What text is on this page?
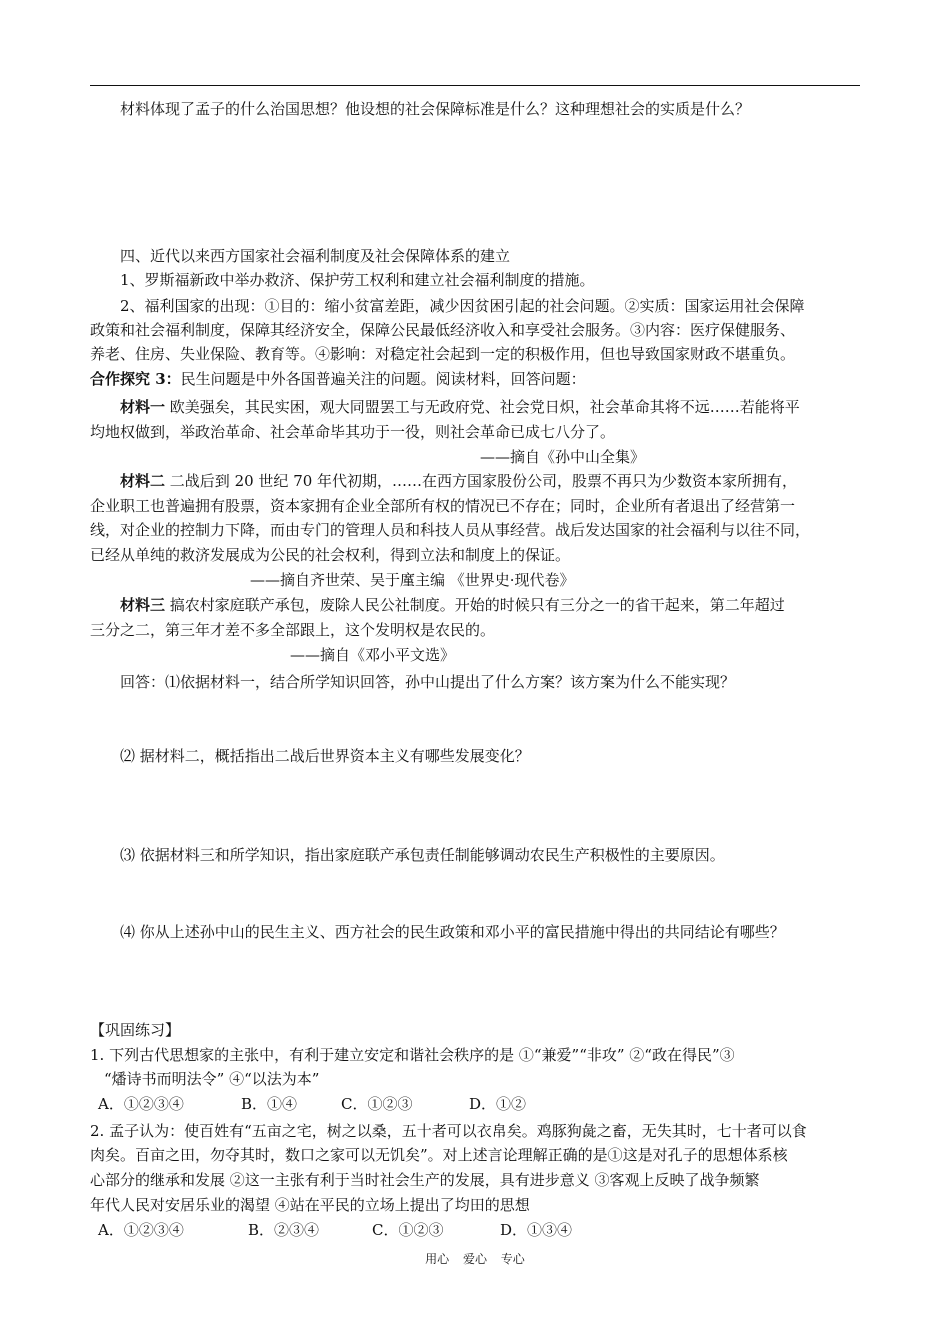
材料体现了孟子的什么治国思想？他设想的社会保障标准是什么？这种理想社会的实质是什么？
四、近代以来西方国家社会福利制度及社会保障体系的建立
1、罗斯福新政中举办救济、保护劳工权利和建立社会福利制度的措施。
2、福利国家的出现：①目的：缩小贫富差距，减少因贫困引起的社会问题。②实质：国家运用社会保障
政策和社会福利制度，保障其经济安全，保障公民最低经济收入和享受社会服务。③内容：医疗保健服务、
养老、住房、失业保险、教育等。④影响：对稳定社会起到一定的积极作用，但也导致国家财政不堪重负。
合作探究 3：民生问题是中外各国普遍关注的问题。阅读材料，回答问题：
材料一 欧美强矣，其民实困，观大同盟罢工与无政府党、社会党日炽，社会革命其将不远……若能将平
均地权做到，举政治革命、社会革命毕其功于一役，则社会革命已成七八分了。
——摘自《孙中山全集》
材料二 二战后到 20 世纪 70 年代初期，……在西方国家股份公司，股票不再只为少数资本家所拥有，
企业职工也普遍拥有股票，资本家拥有企业全部所有权的情况已不存在；同时，企业所有者退出了经营第一
线，对企业的控制力下降，而由专门的管理人员和科技人员从事经营。战后发达国家的社会福利与以往不同，
已经从单纯的救济发展成为公民的社会权利，得到立法和制度上的保证。
——摘自齐世荣、吴于廑主编 《世界史·现代卷》
材料三 搞农村家庭联产承包，废除人民公社制度。开始的时候只有三分之一的省干起来，第二年超过
三分之二，第三年才差不多全部跟上，这个发明权是农民的。
——摘自《邓小平文选》
回答：⑴依据材料一，结合所学知识回答，孙中山提出了什么方案？该方案为什么不能实现？
⑵ 据材料二，概括指出二战后世界资本主义有哪些发展变化？
⑶ 依据材料三和所学知识，指出家庭联产承包责任制能够调动农民生产积极性的主要原因。
⑷ 你从上述孙中山的民生主义、西方社会的民生政策和邓小平的富民措施中得出的共同结论有哪些？
【巩固练习】
1. 下列古代思想家的主张中，有利于建立安定和谐社会秩序的是 ①“兼爱”“非攻” ②“政在得民”③
“燔诗书而明法令” ④“以法为本”
A．①②③④	B．①④	C．①②③	D．①②
2. 孟子认为：使百姓有“五亩之宅，树之以桑，五十者可以衣帛矣。鸡豚狗彘之畜，无失其时，七十者可以食
肉矣。百亩之田，勿夺其时，数口之家可以无饥矣”。对上述言论理解正确的是①这是对孔子的思想体系核
心部分的继承和发展 ②这一主张有利于当时社会生产的发展，具有进步意义 ③客观上反映了战争频繁
年代人民对安居乐业的渴望 ④站在平民的立场上提出了均田的思想
A．①②③④	B．②③④	C．①②③	D．①③④
用心 爱心 专心
